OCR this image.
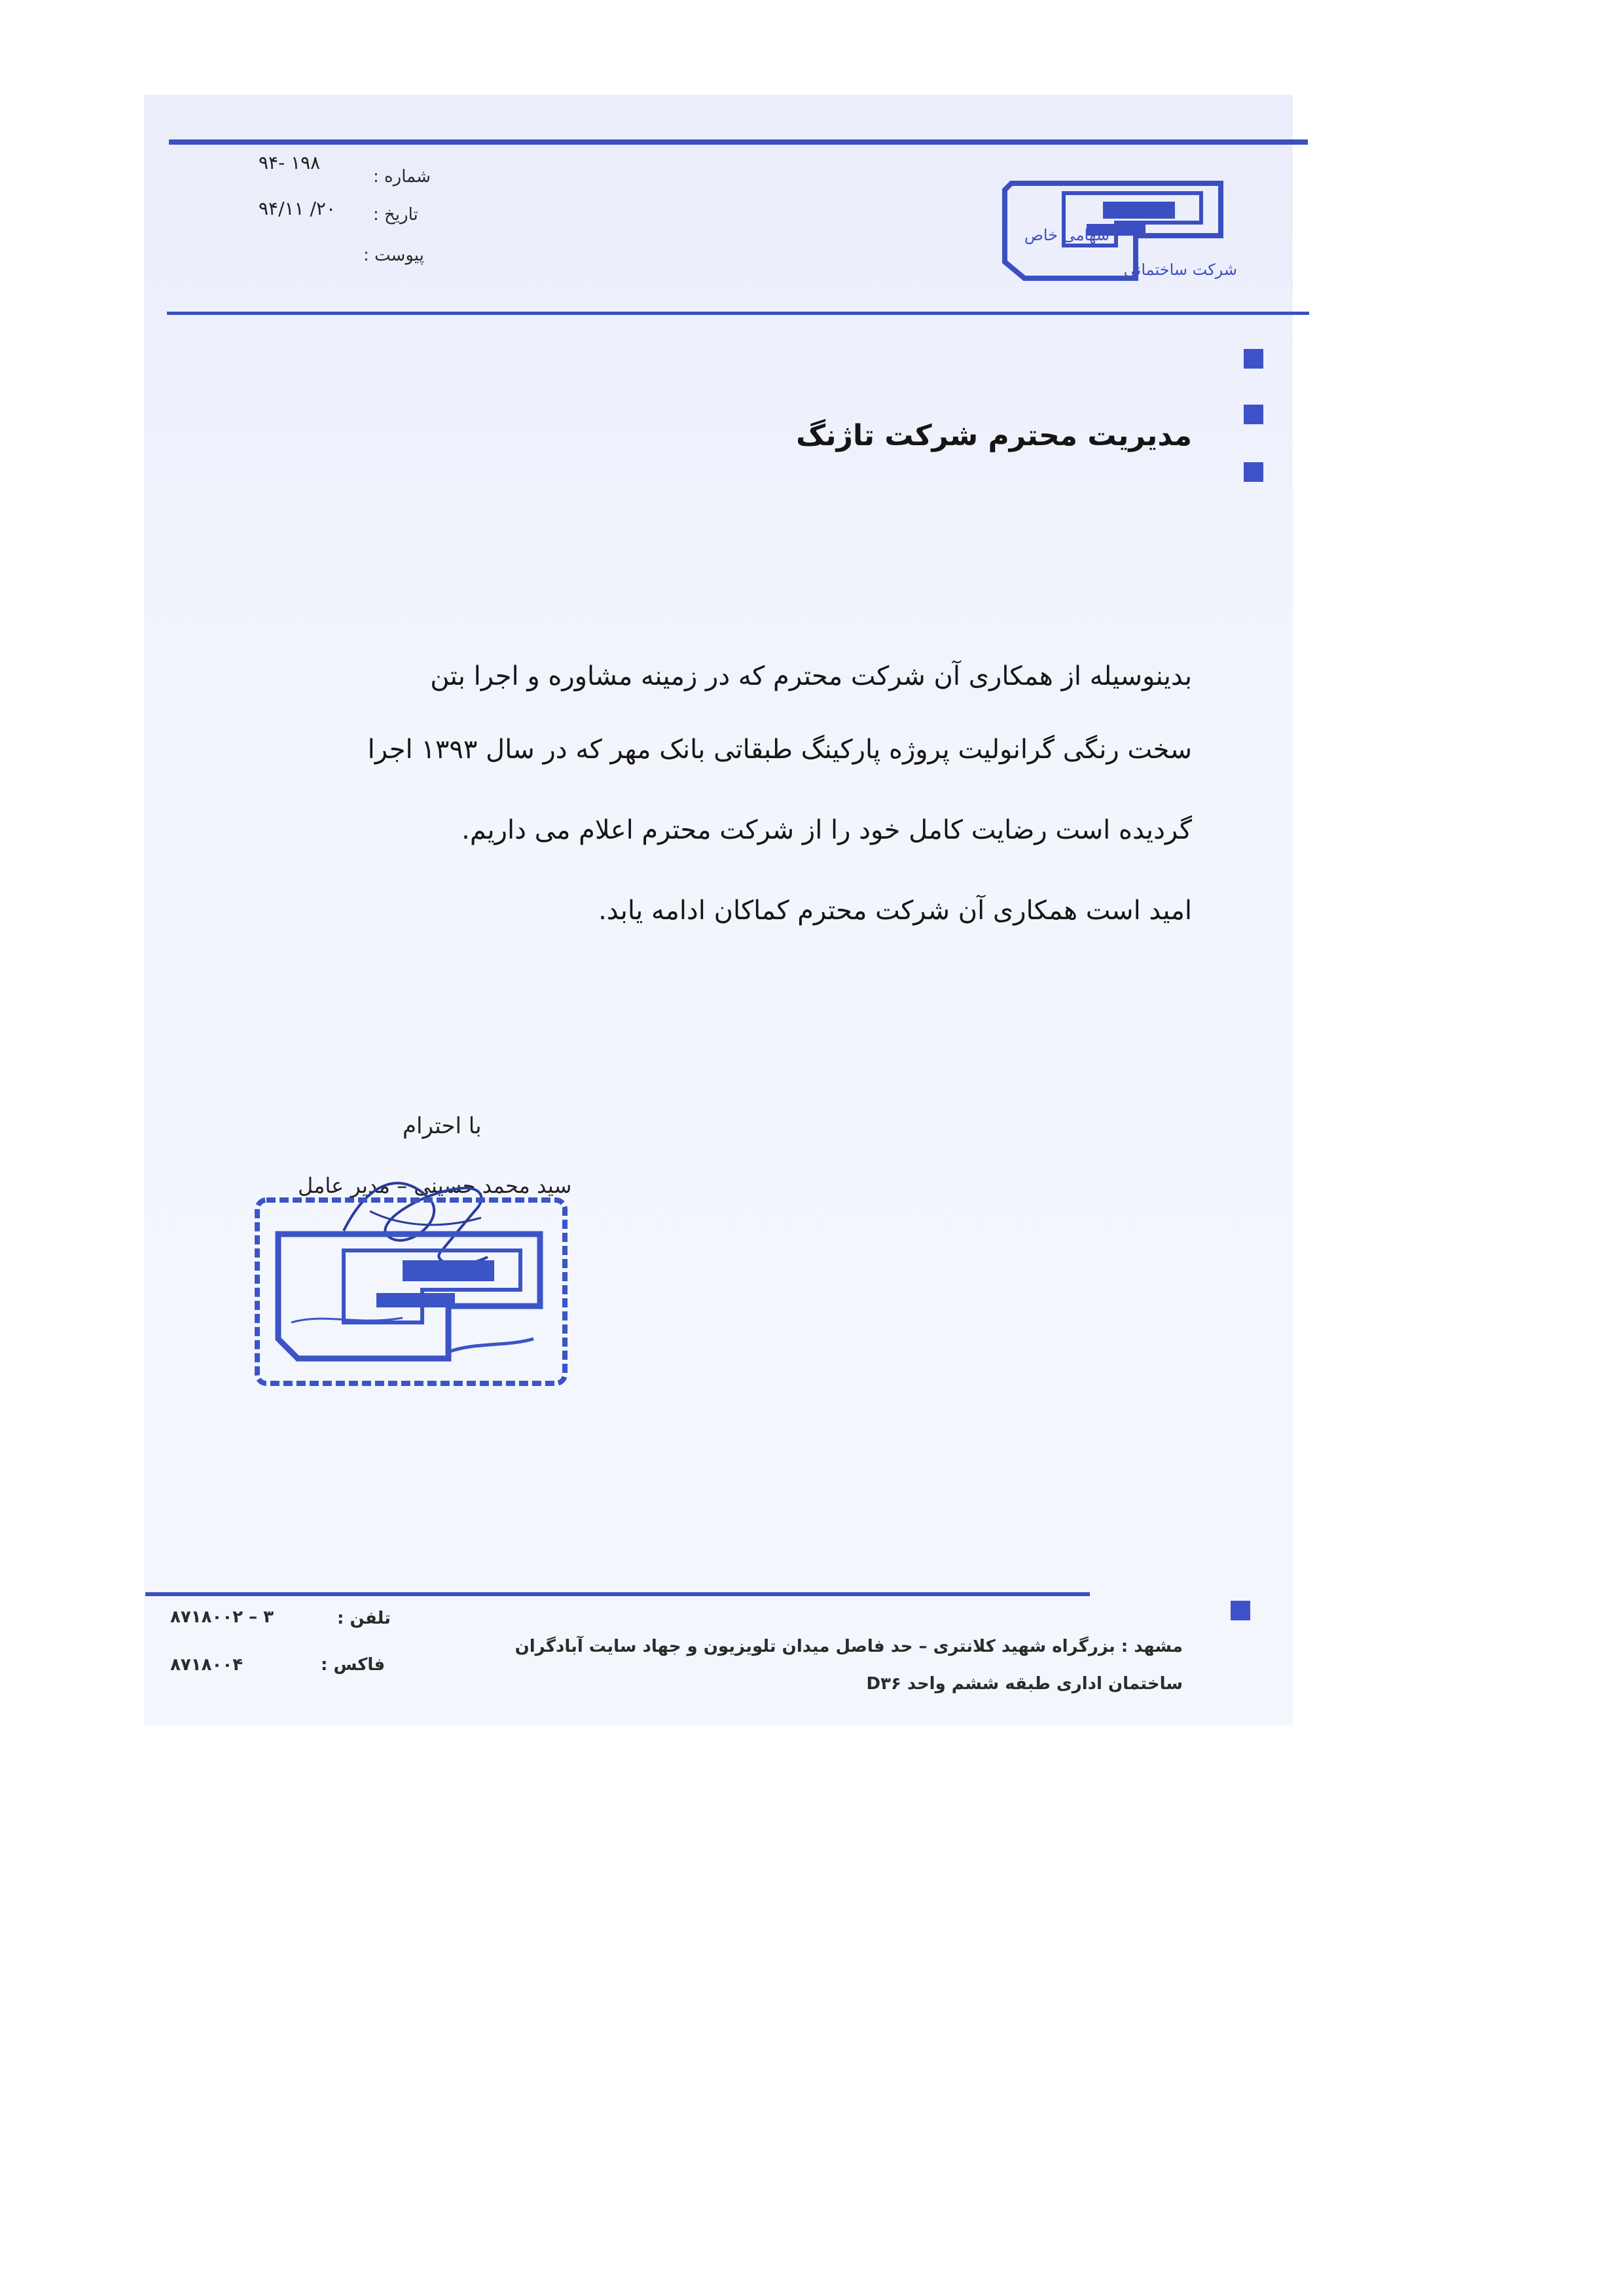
سهامی خاص
شرکت ساختمانی
شماره :
۹۴- ۱۹۸
تاریخ :
۹۴/۱۱ /۲۰
پیوست :
مدیریت محترم شرکت تاژنگ
بدینوسیله از همکاری آن شرکت محترم که در زمینه مشاوره و اجرا بتن
سخت رنگی گرانولیت پروژه پارکینگ طبقاتی بانک مهر که در سال ۱۳۹۳ اجرا
گردیده است رضایت کامل خود را از شرکت محترم اعلام می داریم.
امید است همکاری آن شرکت محترم کماکان ادامه یابد.
با احترام
سید محمد حسینی – مدیر عامل
مشهد : بزرگراه شهید کلانتری – حد فاصل میدان تلویزیون و جهاد سایت آبادگران
ساختمان اداری طبقه ششم واحد D۳۶
تلفن :
۸۷۱۸۰۰۲ – ۳
فاکس :
۸۷۱۸۰۰۴
